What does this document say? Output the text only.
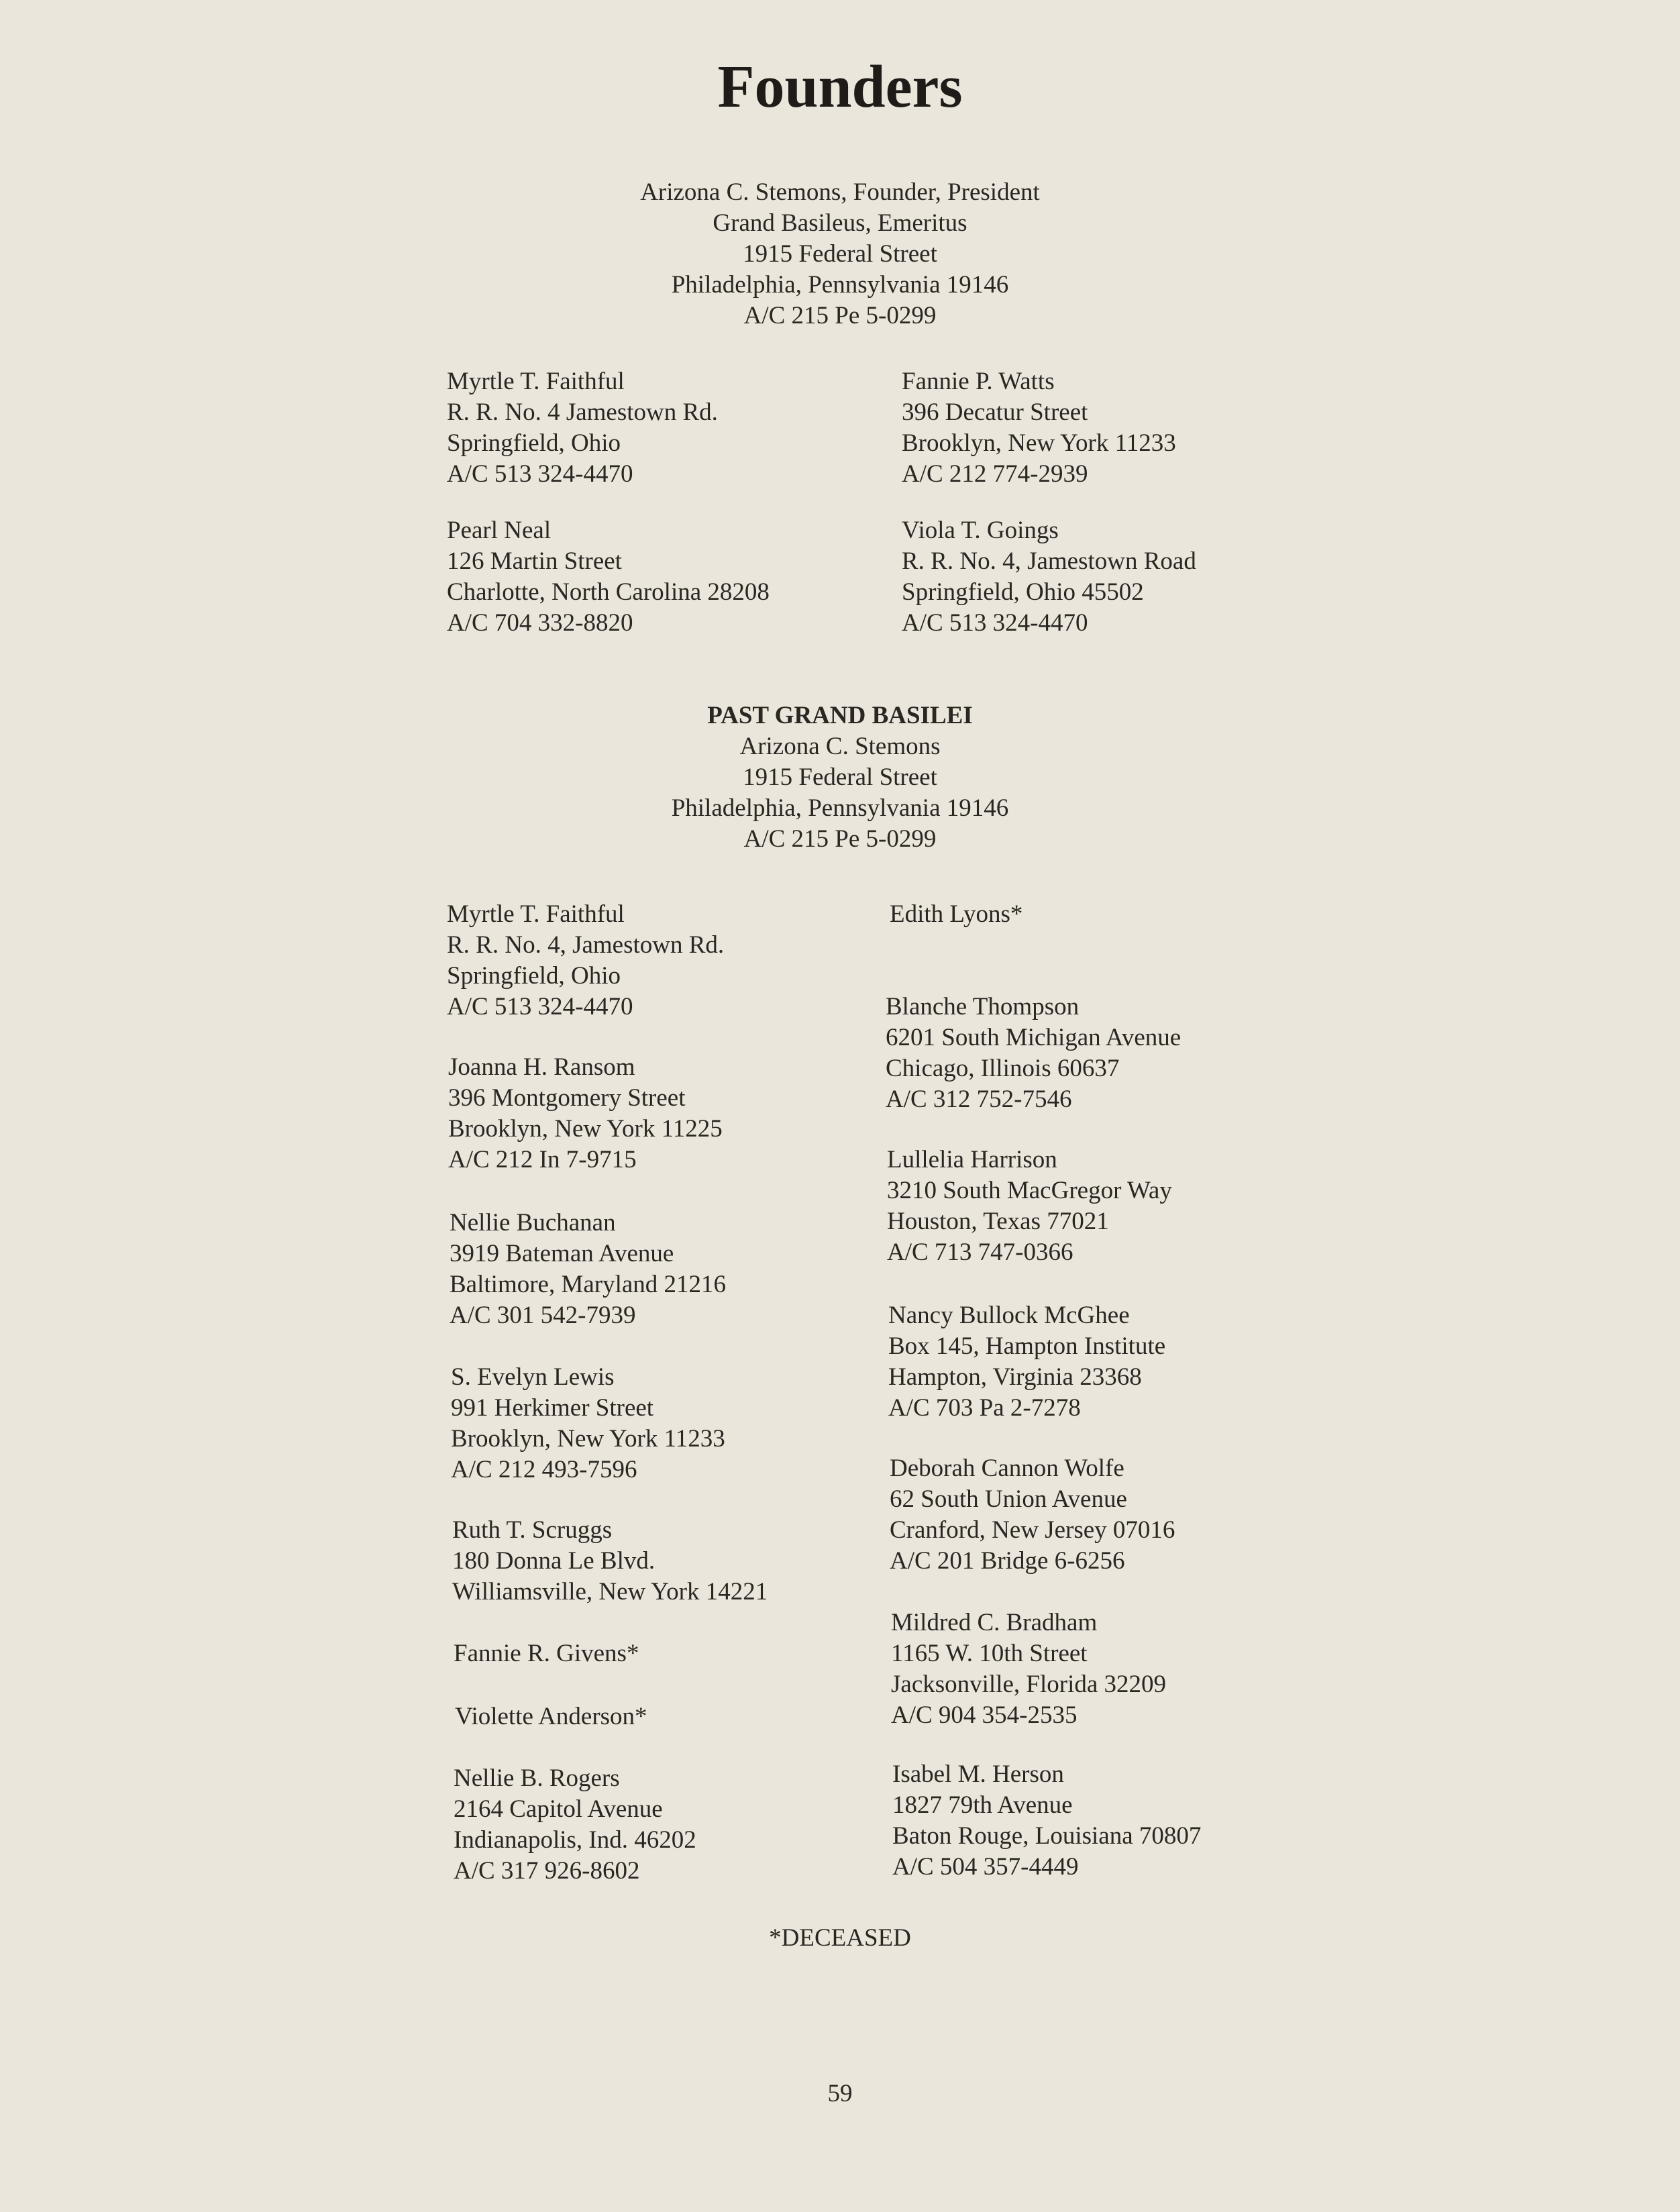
Founders
Arizona C. Stemons, Founder, President
Grand Basileus, Emeritus
1915 Federal Street
Philadelphia, Pennsylvania 19146
A/C 215 Pe 5-0299
Myrtle T. Faithful
R. R. No. 4 Jamestown Rd.
Springfield, Ohio
A/C 513 324-4470
Fannie P. Watts
396 Decatur Street
Brooklyn, New York 11233
A/C 212 774-2939
Pearl Neal
126 Martin Street
Charlotte, North Carolina 28208
A/C 704 332-8820
Viola T. Goings
R. R. No. 4, Jamestown Road
Springfield, Ohio 45502
A/C 513 324-4470
PAST GRAND BASILEI
Arizona C. Stemons
1915 Federal Street
Philadelphia, Pennsylvania 19146
A/C 215 Pe 5-0299
Myrtle T. Faithful
R. R. No. 4, Jamestown Rd.
Springfield, Ohio
A/C 513 324-4470
Joanna H. Ransom
396 Montgomery Street
Brooklyn, New York 11225
A/C 212 In 7-9715
Nellie Buchanan
3919 Bateman Avenue
Baltimore, Maryland 21216
A/C 301 542-7939
S. Evelyn Lewis
991 Herkimer Street
Brooklyn, New York 11233
A/C 212 493-7596
Ruth T. Scruggs
180 Donna Le Blvd.
Williamsville, New York 14221
Fannie R. Givens*
Violette Anderson*
Nellie B. Rogers
2164 Capitol Avenue
Indianapolis, Ind. 46202
A/C 317 926-8602
Edith Lyons*
Blanche Thompson
6201 South Michigan Avenue
Chicago, Illinois 60637
A/C 312 752-7546
Lullelia Harrison
3210 South MacGregor Way
Houston, Texas 77021
A/C 713 747-0366
Nancy Bullock McGhee
Box 145, Hampton Institute
Hampton, Virginia 23368
A/C 703 Pa 2-7278
Deborah Cannon Wolfe
62 South Union Avenue
Cranford, New Jersey 07016
A/C 201 Bridge 6-6256
Mildred C. Bradham
1165 W. 10th Street
Jacksonville, Florida 32209
A/C 904 354-2535
Isabel M. Herson
1827 79th Avenue
Baton Rouge, Louisiana 70807
A/C 504 357-4449
*DECEASED
59
